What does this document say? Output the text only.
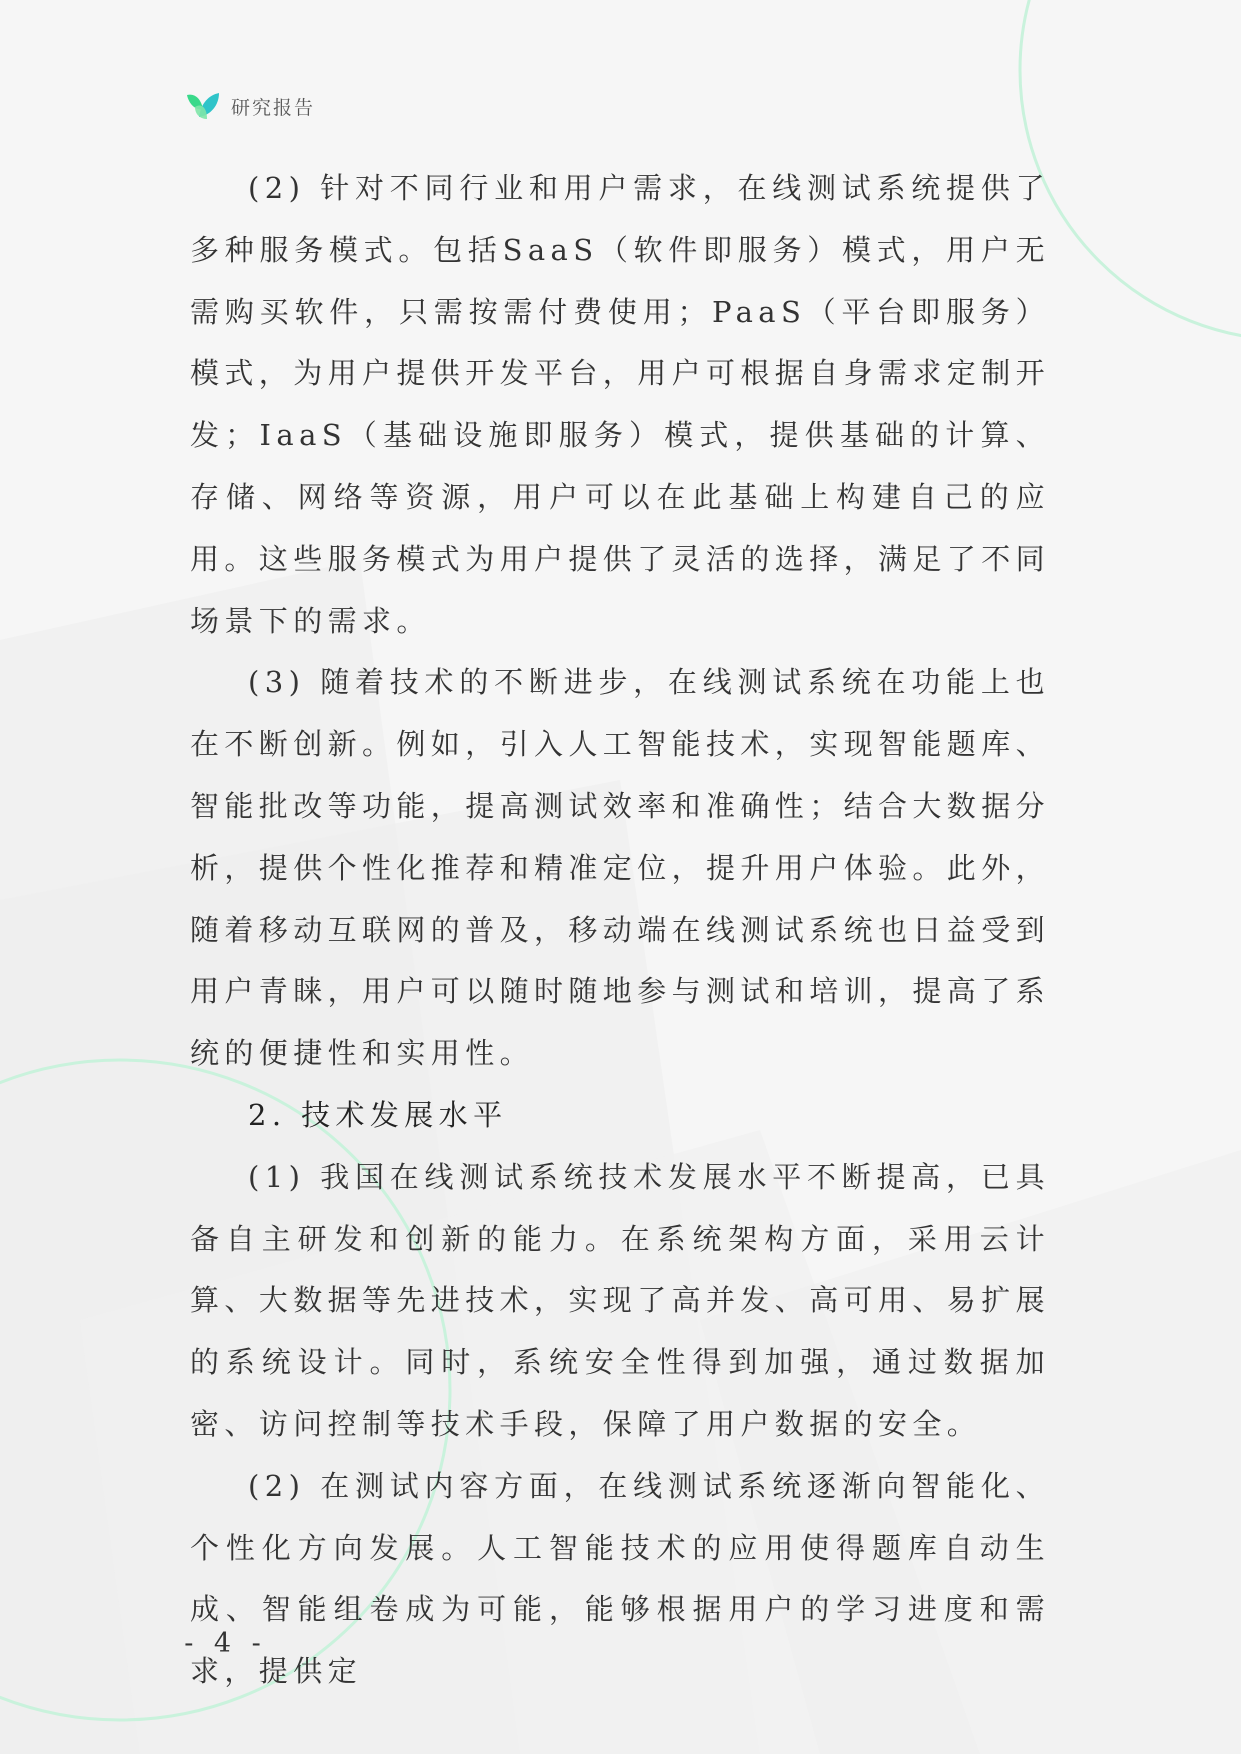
研究报告

(2) 针对不同行业和用户需求，在线测试系统提供了多种服务模式。包括SaaS（软件即服务）模式，用户无需购买软件，只需按需付费使用；PaaS（平台即服务）模式，为用户提供开发平台，用户可根据自身需求定制开发；IaaS（基础设施即服务）模式，提供基础的计算、存储、网络等资源，用户可以在此基础上构建自己的应用。这些服务模式为用户提供了灵活的选择，满足了不同场景下的需求。

(3) 随着技术的不断进步，在线测试系统在功能上也在不断创新。例如，引入人工智能技术，实现智能题库、智能批改等功能，提高测试效率和准确性；结合大数据分析，提供个性化推荐和精准定位，提升用户体验。此外，随着移动互联网的普及，移动端在线测试系统也日益受到用户青睐，用户可以随时随地参与测试和培训，提高了系统的便捷性和实用性。

2. 技术发展水平

(1) 我国在线测试系统技术发展水平不断提高，已具备自主研发和创新的能力。在系统架构方面，采用云计算、大数据等先进技术，实现了高并发、高可用、易扩展的系统设计。同时，系统安全性得到加强，通过数据加密、访问控制等技术手段，保障了用户数据的安全。

(2) 在测试内容方面，在线测试系统逐渐向智能化、个性化方向发展。人工智能技术的应用使得题库自动生成、智能组卷成为可能，能够根据用户的学习进度和需求，提供定

- 4 -
